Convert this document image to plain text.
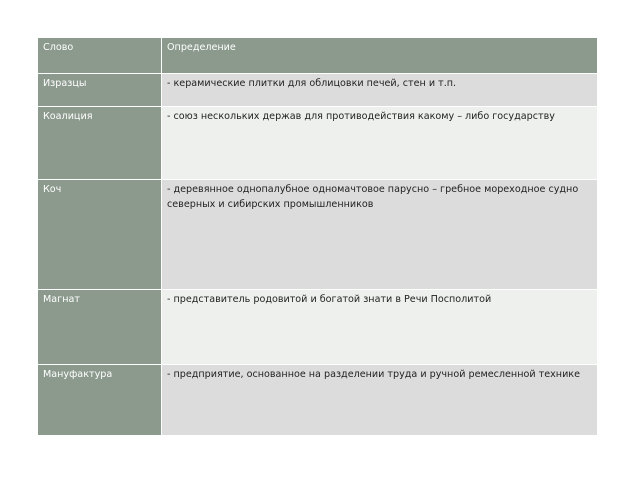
Слово	Определение
Изразцы	- керамические плитки для облицовки печей, стен и т.п.
Коалиция	- союз нескольких держав для противодействия какому – либо государству
Коч	- деревянное однопалубное одномачтовое парусно – гребное мореходное судно северных и сибирских промышленников
Магнат	- представитель родовитой и богатой знати в Речи Посполитой
Мануфактура	- предприятие, основанное на разделении труда и ручной ремесленной технике
